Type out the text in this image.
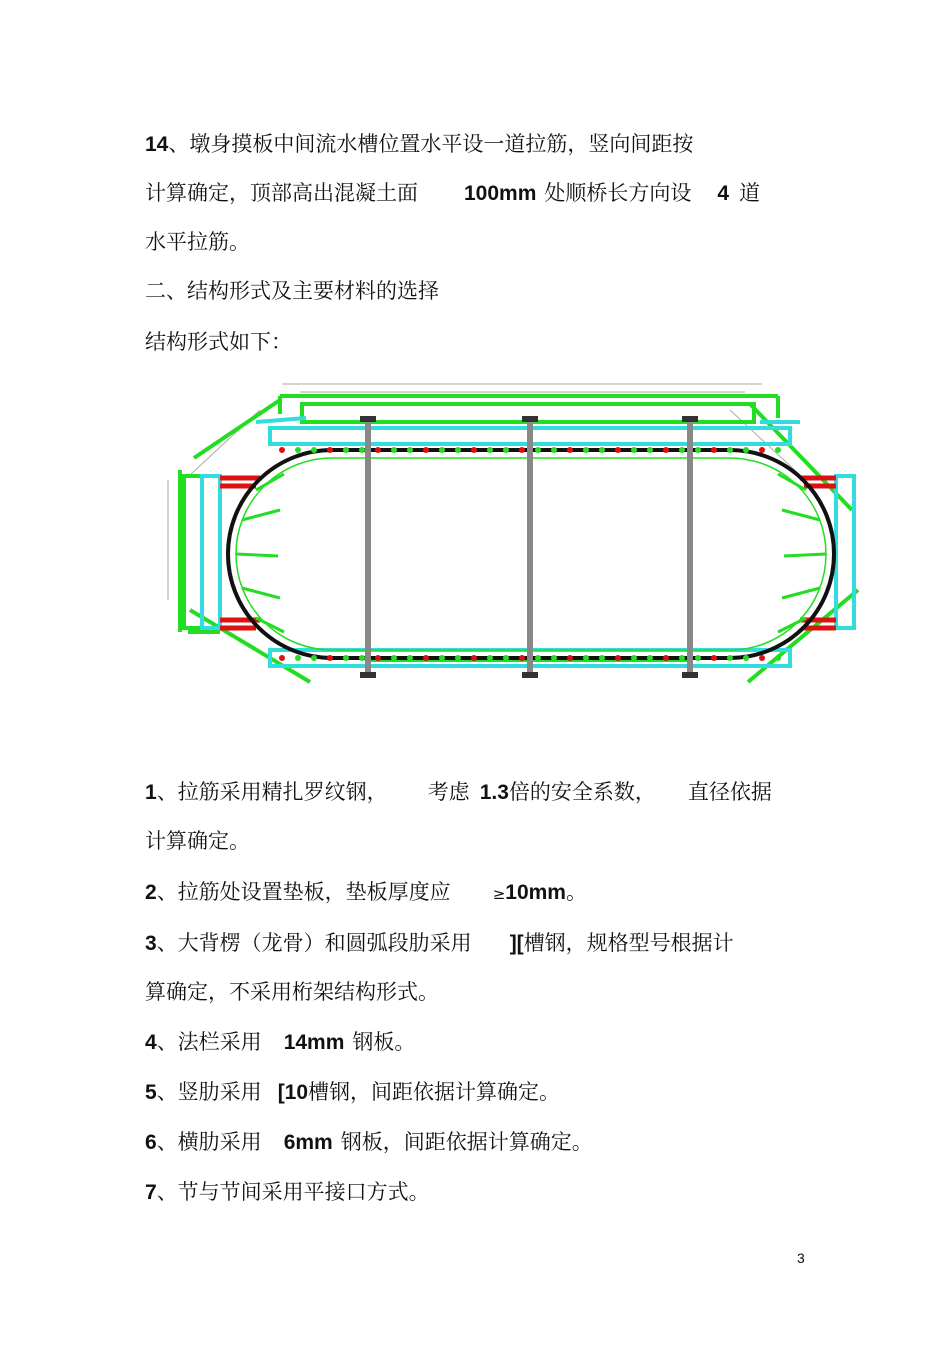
14、墩身摸板中间流水槽位置水平设一道拉筋，竖向间距按
计算确定，顶部高出混凝土面 100mm 处顺桥长方向设 4 道
水平拉筋。
二、结构形式及主要材料的选择
结构形式如下：
1、拉筋采用精扎罗纹钢， 考虑 1.3倍的安全系数， 直径依据
计算确定。
2、拉筋处设置垫板，垫板厚度应	≥10mm。
3、大背楞（龙骨）和圆弧段肋采用 ][槽钢，规格型号根据计
算确定，不采用桁架结构形式。
4、法栏采用 14mm 钢板。
5、竖肋采用 [10槽钢，间距依据计算确定。
6、横肋采用 6mm 钢板，间距依据计算确定。
7、节与节间采用平接口方式。
3
